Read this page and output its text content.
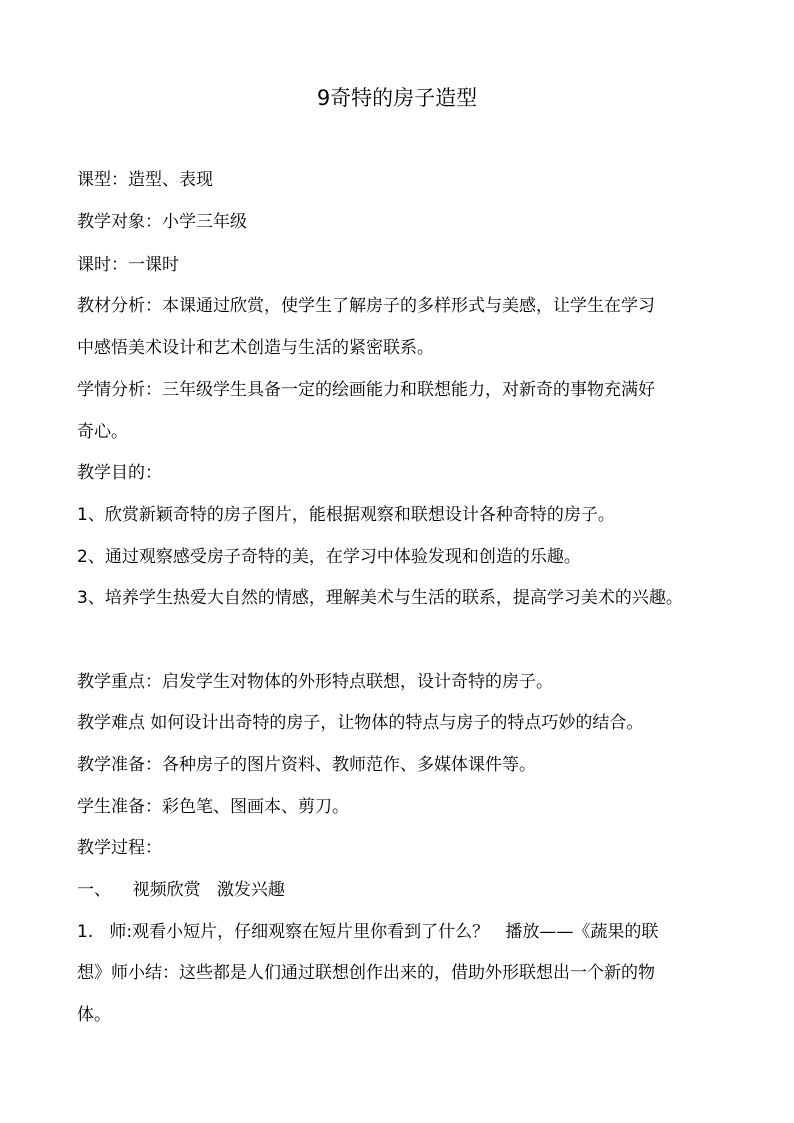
9奇特的房子造型
课型：造型、表现
教学对象：小学三年级
课时：一课时
教材分析：本课通过欣赏，使学生了解房子的多样形式与美感，让学生在学习
中感悟美术设计和艺术创造与生活的紧密联系。
学情分析：三年级学生具备一定的绘画能力和联想能力，对新奇的事物充满好
奇心。
教学目的：
1、欣赏新颖奇特的房子图片，能根据观察和联想设计各种奇特的房子。
2、通过观察感受房子奇特的美，在学习中体验发现和创造的乐趣。
3、培养学生热爱大自然的情感，理解美术与生活的联系，提高学习美术的兴趣。
教学重点：启发学生对物体的外形特点联想，设计奇特的房子。
教学难点 如何设计出奇特的房子，让物体的特点与房子的特点巧妙的结合。
教学准备：各种房子的图片资料、教师范作、多媒体课件等。
学生准备：彩色笔、图画本、剪刀。
教学过程：
一、    视频欣赏   激发兴趣
1.   师:观看小短片，仔细观察在短片里你看到了什么？   播放——《蔬果的联
想》师小结：这些都是人们通过联想创作出来的，借助外形联想出一个新的物
体。
